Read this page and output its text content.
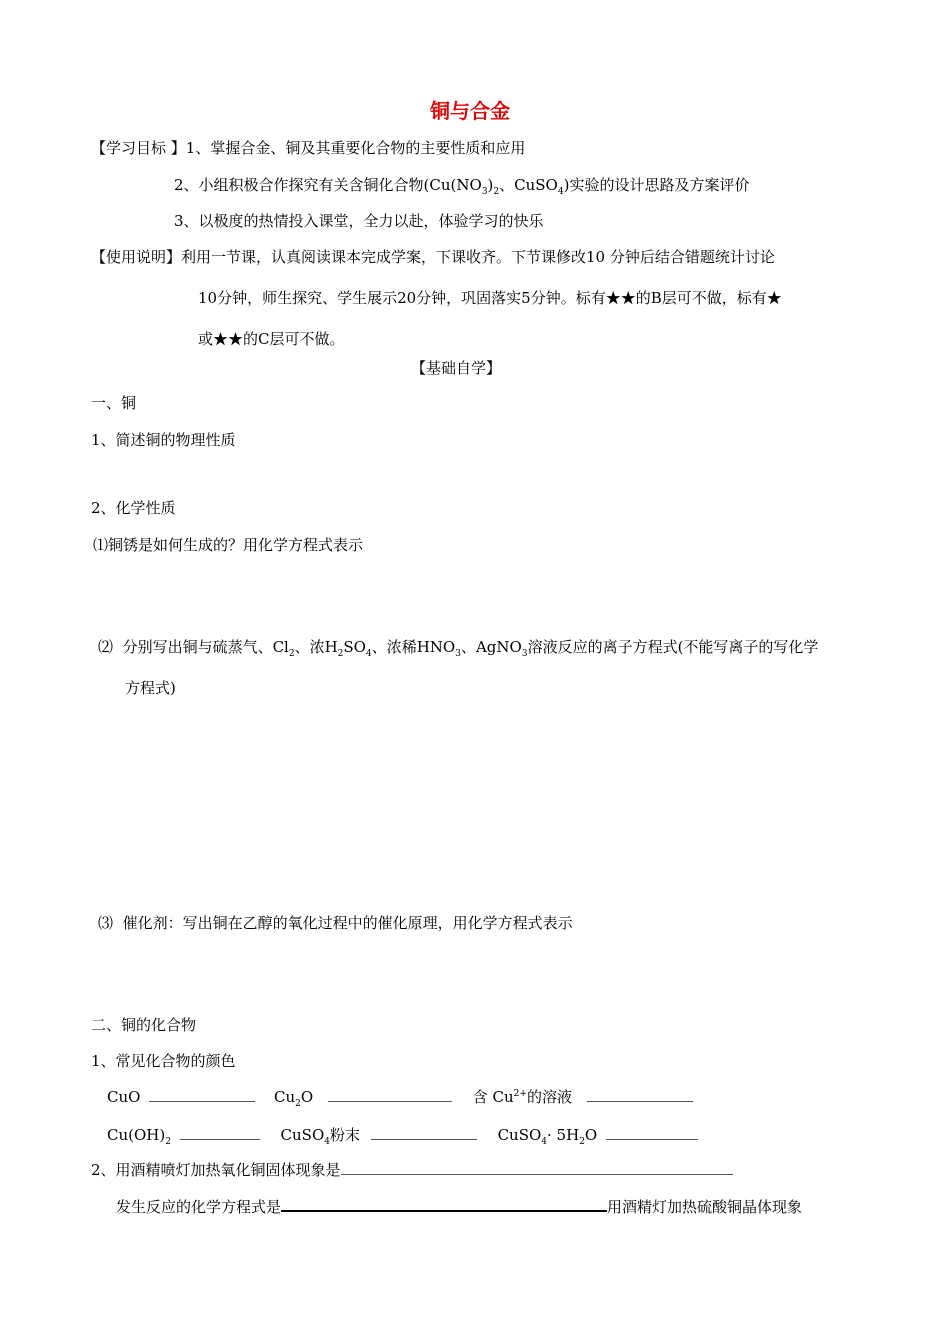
铜与合金
【学习目标 】1、掌握合金、铜及其重要化合物的主要性质和应用
2、小组积极合作探究有关含铜化合物($Cu(NO_3)_2$、CuSO$_4$)实验的设计思路及方案评价
3、以极度的热情投入课堂，全力以赴，体验学习的快乐
【使用说明】利用一节课，认真阅读课本完成学案，下课收齐。下节课修改10 分钟后结合错题统计讨论
10分钟，师生探究、学生展示20分钟，巩固落实5分钟。标有★★的B层可不做，标有★
或★★的C层可不做。
【基础自学】
一、铜
1、简述铜的物理性质
2、化学性质
⑴铜锈是如何生成的？用化学方程式表示
⑵ 分别写出铜与硫蒸气、$Cl_2$、浓$H_2SO_4$、浓稀$HNO_3$、AgNO$_3$溶液反应的离子方程式(不能写离子的写化学
方程式)
⑶ 催化剂：写出铜在乙醇的氧化过程中的催化原理，用化学方程式表示
二、铜的化合物
1、常见化合物的颜色
CuO	$Cu_2O$	含 $Cu^{2+}$的溶液
$Cu(OH)_2$	CuSO$_4$粉末	CuSO$_4$· $5H_2O$
2、用酒精喷灯加热氧化铜固体现象是
发生反应的化学方程式是	用酒精灯加热硫酸铜晶体现象
